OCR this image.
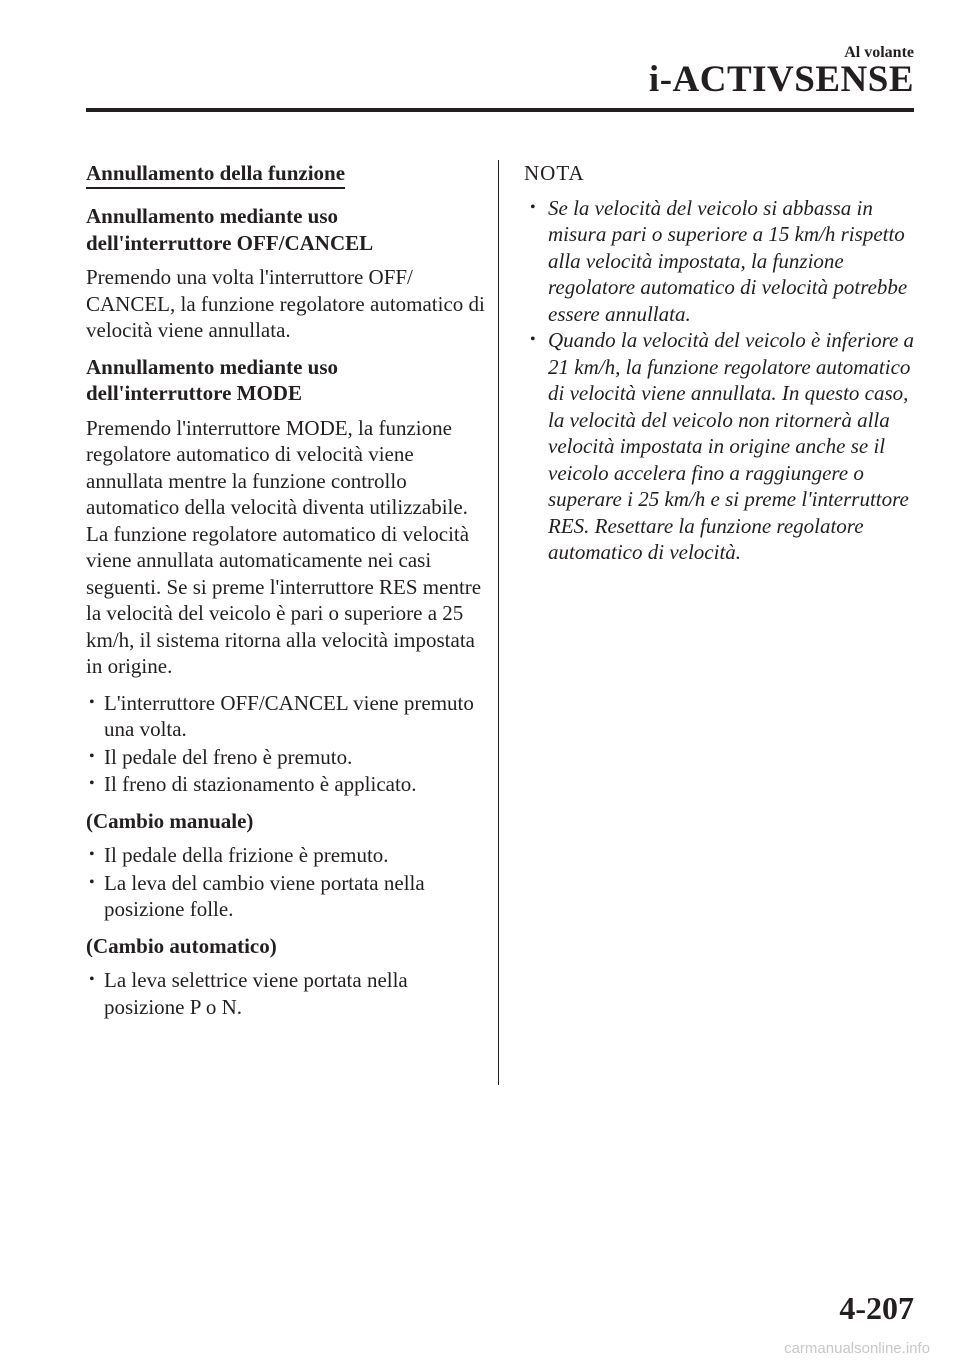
Al volante
i-ACTIVSENSE
Annullamento della funzione
Annullamento mediante uso
dell'interruttore OFF/CANCEL

Premendo una volta l'interruttore OFF/ CANCEL, la funzione regolatore automatico di velocità viene annullata.

Annullamento mediante uso
dell'interruttore MODE

Premendo l'interruttore MODE, la funzione regolatore automatico di velocità viene annullata mentre la funzione controllo automatico della velocità diventa utilizzabile.

La funzione regolatore automatico di velocità viene annullata automaticamente nei casi seguenti. Se si preme l'interruttore RES mentre la velocità del veicolo è pari o superiore a 25 km/h, il sistema ritorna alla velocità impostata in origine.

• L'interruttore OFF/CANCEL viene premuto una volta.
• Il pedale del freno è premuto.
• Il freno di stazionamento è applicato.
(Cambio manuale)
• Il pedale della frizione è premuto.
• La leva del cambio viene portata nella posizione folle.
(Cambio automatico)
• La leva selettrice viene portata nella posizione P o N.
NOTA
• Se la velocità del veicolo si abbassa in misura pari o superiore a 15 km/h rispetto alla velocità impostata, la funzione regolatore automatico di velocità potrebbe essere annullata.
• Quando la velocità del veicolo è inferiore a 21 km/h, la funzione regolatore automatico di velocità viene annullata. In questo caso, la velocità del veicolo non ritornerà alla velocità impostata in origine anche se il veicolo accelera fino a raggiungere o superare i 25 km/h e si preme l'interruttore RES. Resettare la funzione regolatore automatico di velocità.
4-207
carmanualsonline.info
